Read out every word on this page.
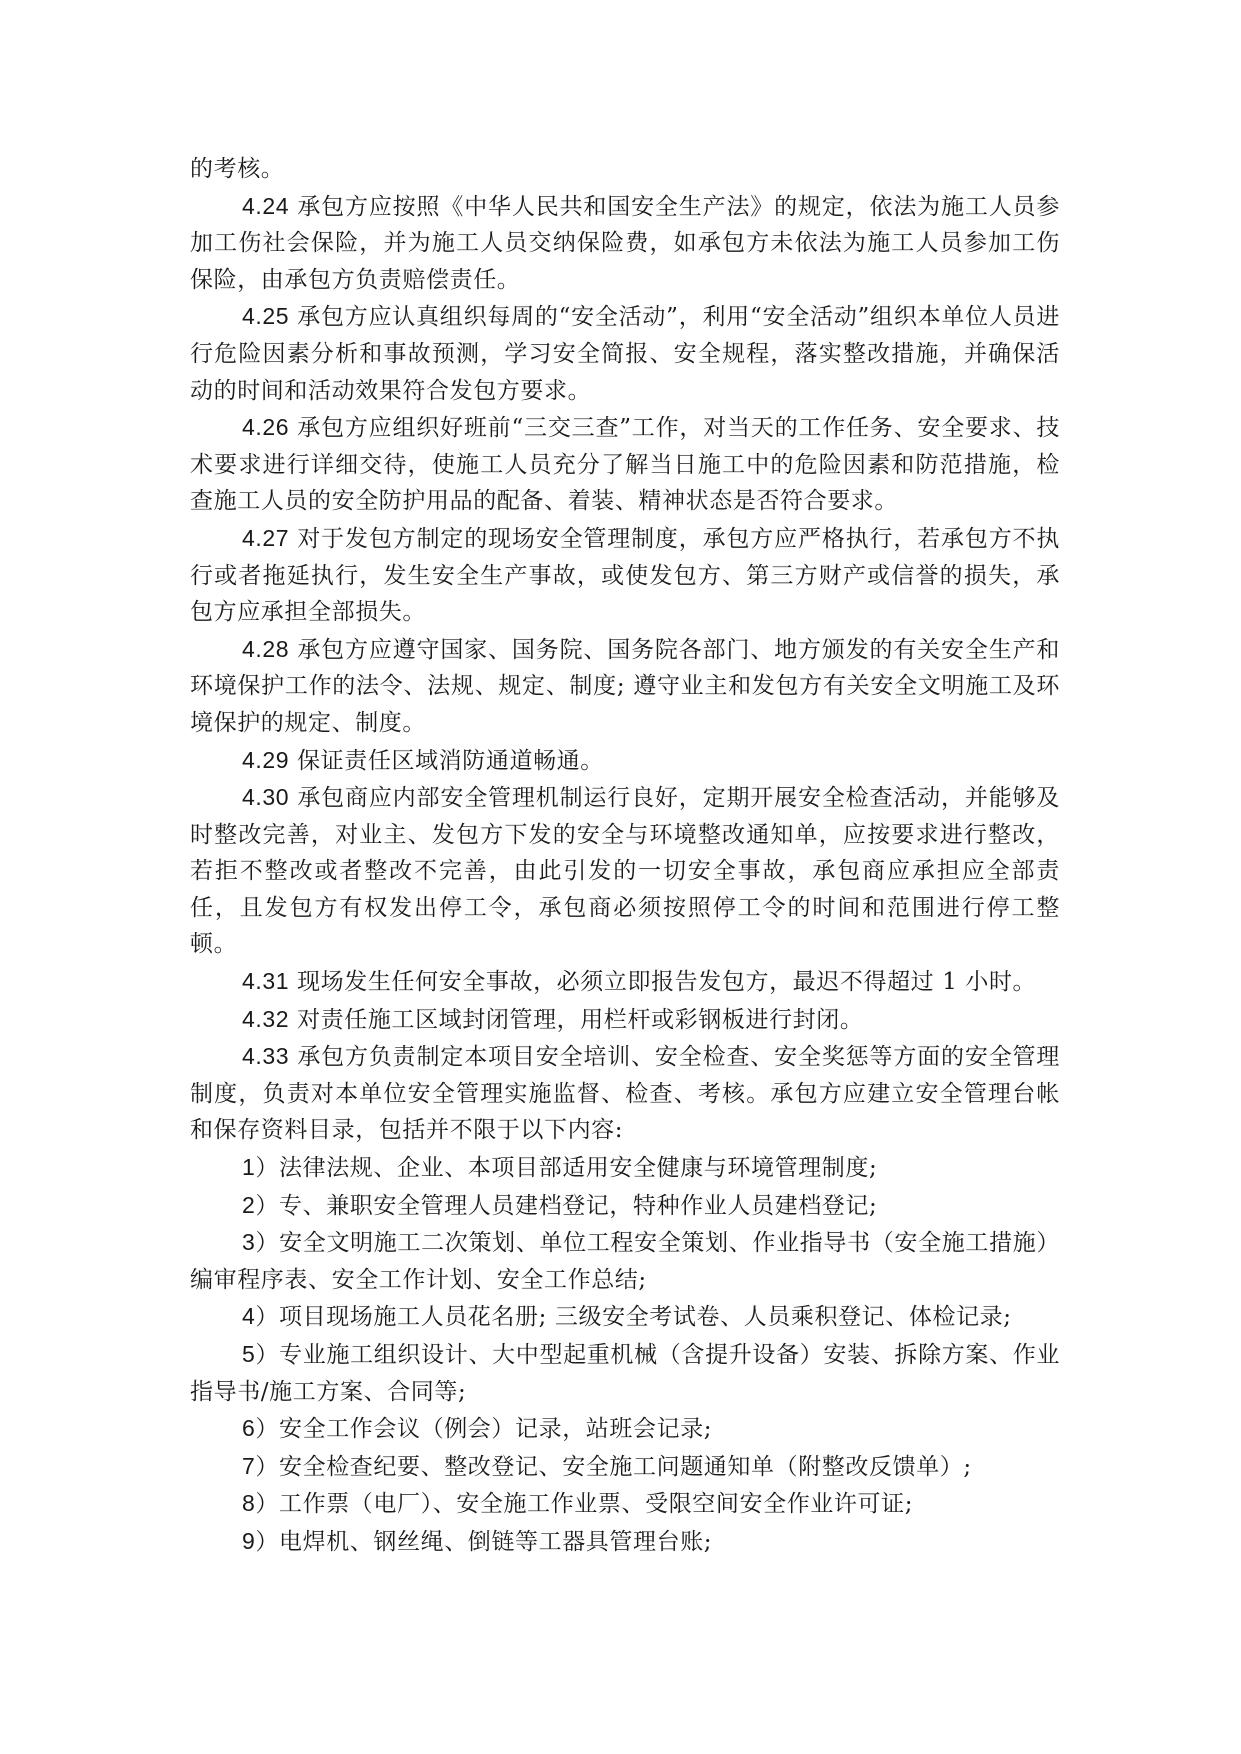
的考核。

4.24 承包方应按照《中华人民共和国安全生产法》的规定，依法为施工人员参加工伤社会保险，并为施工人员交纳保险费，如承包方未依法为施工人员参加工伤保险，由承包方负责赔偿责任。

4.25 承包方应认真组织每周的“安全活动”，利用“安全活动”组织本单位人员进行危险因素分析和事故预测，学习安全简报、安全规程，落实整改措施，并确保活动的时间和活动效果符合发包方要求。

4.26 承包方应组织好班前“三交三查”工作，对当天的工作任务、安全要求、技术要求进行详细交待，使施工人员充分了解当日施工中的危险因素和防范措施，检查施工人员的安全防护用品的配备、着装、精神状态是否符合要求。

4.27 对于发包方制定的现场安全管理制度，承包方应严格执行，若承包方不执行或者拖延执行，发生安全生产事故，或使发包方、第三方财产或信誉的损失，承包方应承担全部损失。

4.28 承包方应遵守国家、国务院、国务院各部门、地方颁发的有关安全生产和环境保护工作的法令、法规、规定、制度; 遵守业主和发包方有关安全文明施工及环境保护的规定、制度。

4.29 保证责任区域消防通道畅通。

4.30 承包商应内部安全管理机制运行良好，定期开展安全检查活动，并能够及时整改完善，对业主、发包方下发的安全与环境整改通知单，应按要求进行整改，若拒不整改或者整改不完善，由此引发的一切安全事故，承包商应承担应全部责任，且发包方有权发出停工令，承包商必须按照停工令的时间和范围进行停工整顿。

4.31 现场发生任何安全事故，必须立即报告发包方，最迟不得超过 1 小时。

4.32 对责任施工区域封闭管理，用栏杆或彩钢板进行封闭。

4.33 承包方负责制定本项目安全培训、安全检查、安全奖惩等方面的安全管理制度，负责对本单位安全管理实施监督、检查、考核。承包方应建立安全管理台帐和保存资料目录，包括并不限于以下内容:

1）法律法规、企业、本项目部适用安全健康与环境管理制度;

2）专、兼职安全管理人员建档登记，特种作业人员建档登记;

3）安全文明施工二次策划、单位工程安全策划、作业指导书（安全施工措施）编审程序表、安全工作计划、安全工作总结;

4）项目现场施工人员花名册; 三级安全考试卷、人员乘积登记、体检记录;

5）专业施工组织设计、大中型起重机械（含提升设备）安装、拆除方案、作业指导书/施工方案、合同等;

6）安全工作会议（例会）记录，站班会记录;

7）安全检查纪要、整改登记、安全施工问题通知单（附整改反馈单）;

8）工作票（电厂）、安全施工作业票、受限空间安全作业许可证;

9）电焊机、钢丝绳、倒链等工器具管理台账;
